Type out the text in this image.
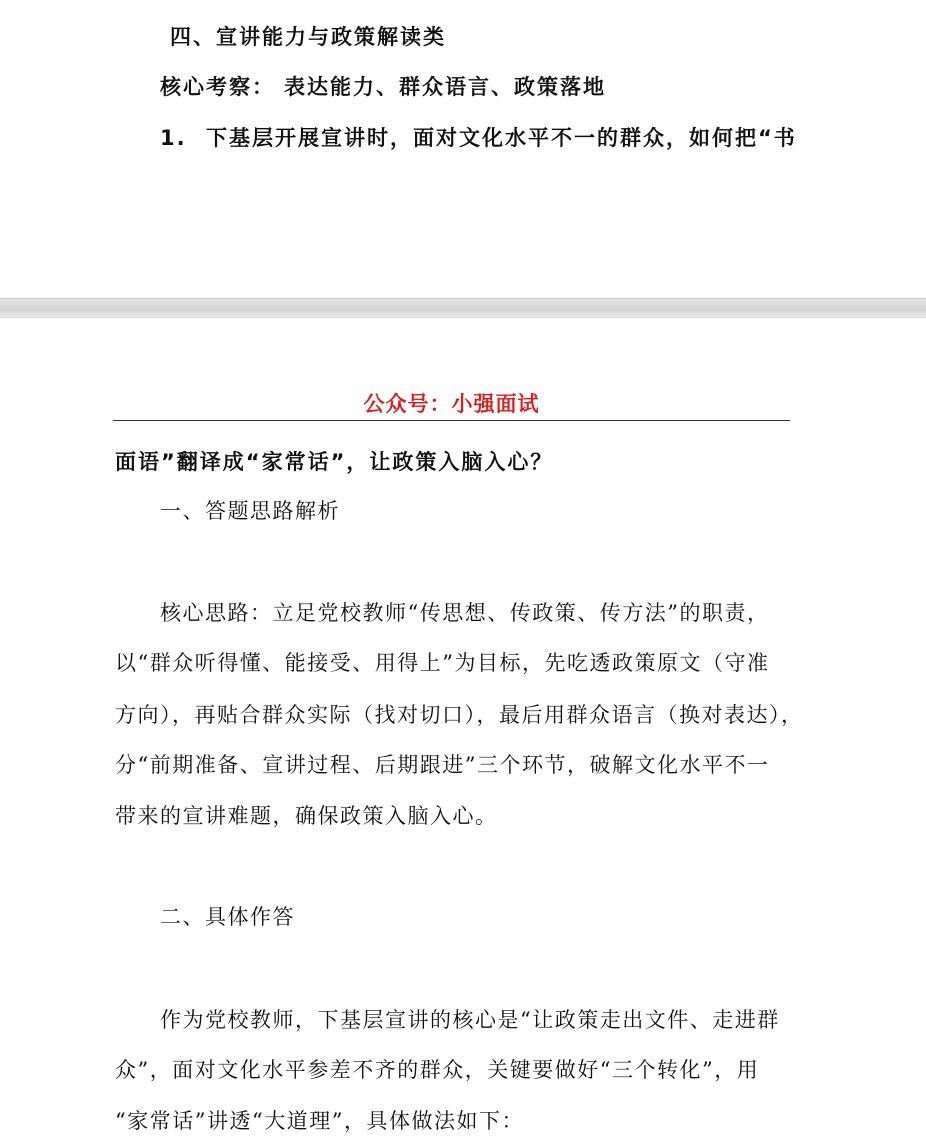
四、宣讲能力与政策解读类
核心考察： 表达能力、群众语言、政策落地
1. 下基层开展宣讲时，面对文化水平不一的群众，如何把“书
公众号：小强面试
面语”翻译成“家常话”，让政策入脑入心？
一、答题思路解析
核心思路：立足党校教师“传思想、传政策、传方法”的职责，
以“群众听得懂、能接受、用得上”为目标，先吃透政策原文（守准
方向），再贴合群众实际（找对切口），最后用群众语言（换对表达），
分“前期准备、宣讲过程、后期跟进”三个环节，破解文化水平不一
带来的宣讲难题，确保政策入脑入心。
二、具体作答
作为党校教师，下基层宣讲的核心是“让政策走出文件、走进群
众”，面对文化水平参差不齐的群众，关键要做好“三个转化”，用
“家常话”讲透“大道理”，具体做法如下：
